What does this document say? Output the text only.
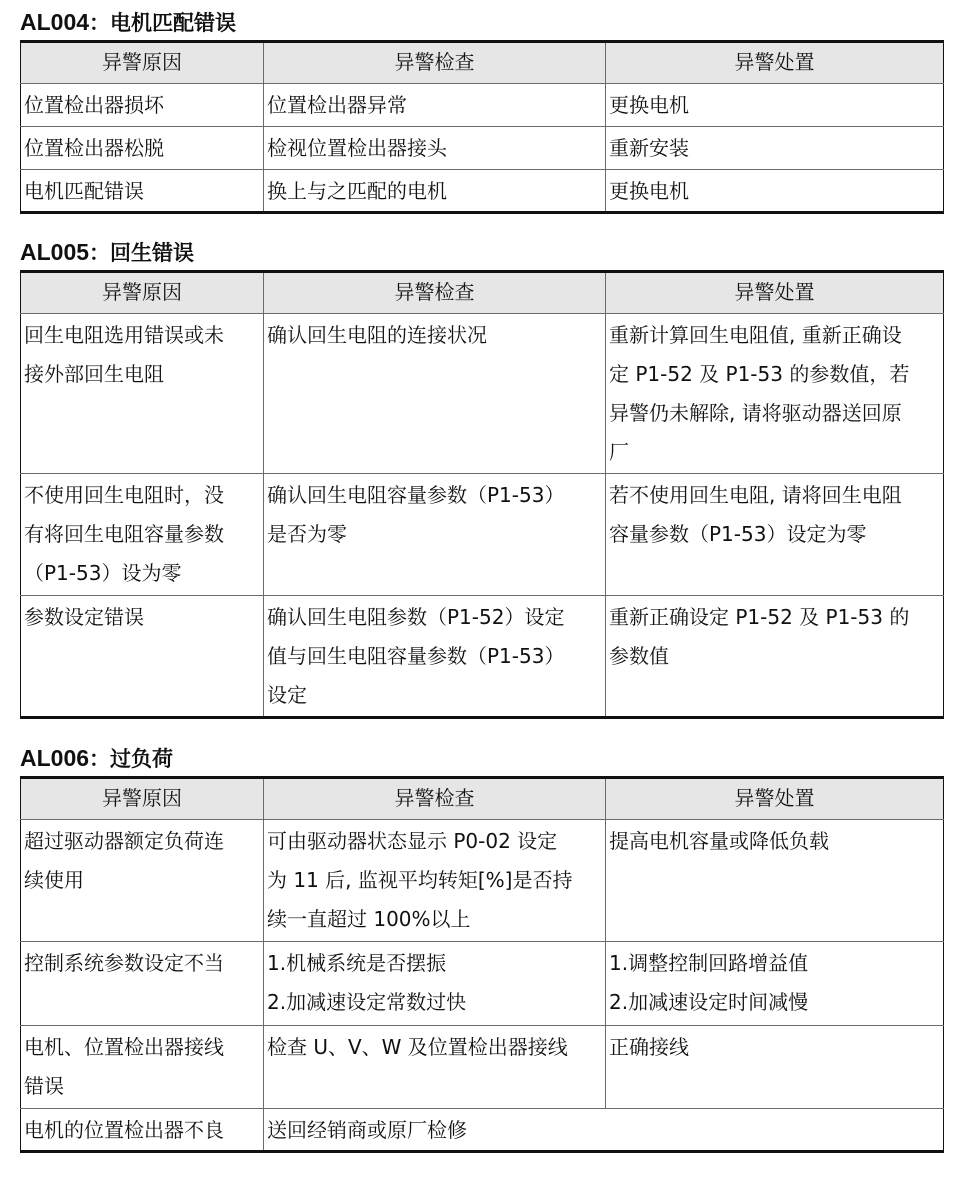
AL004：电机匹配错误
异警原因	异警检查	异警处置

位置检出器损坏	位置检出器异常	更换电机

位置检出器松脱	检视位置检出器接头	重新安装

电机匹配错误	换上与之匹配的电机	更换电机
AL005：回生错误
异警原因	异警检查	异警处置

回生电阻选用错误或未
接外部回生电阻	确认回生电阻的连接状况	重新计算回生电阻值, 重新正确设
定 P1-52 及 P1-53 的参数值，若
异警仍未解除, 请将驱动器送回原
厂

不使用回生电阻时，没
有将回生电阻容量参数
（P1-53）设为零	确认回生电阻容量参数（P1-53）
是否为零	若不使用回生电阻, 请将回生电阻
容量参数（P1-53）设定为零

参数设定错误	确认回生电阻参数（P1-52）设定
值与回生电阻容量参数（P1-53）
设定	重新正确设定 P1-52 及 P1-53 的
参数值
AL006：过负荷
异警原因	异警检查	异警处置

超过驱动器额定负荷连
续使用	可由驱动器状态显示 P0-02 设定
为 11 后, 监视平均转矩[%]是否持
续一直超过 100%以上	提高电机容量或降低负载

控制系统参数设定不当	1.机械系统是否摆振
2.加减速设定常数过快	1.调整控制回路增益值
2.加减速设定时间减慢

电机、位置检出器接线
错误	检查 U、V、W 及位置检出器接线	正确接线

电机的位置检出器不良	送回经销商或原厂检修	
